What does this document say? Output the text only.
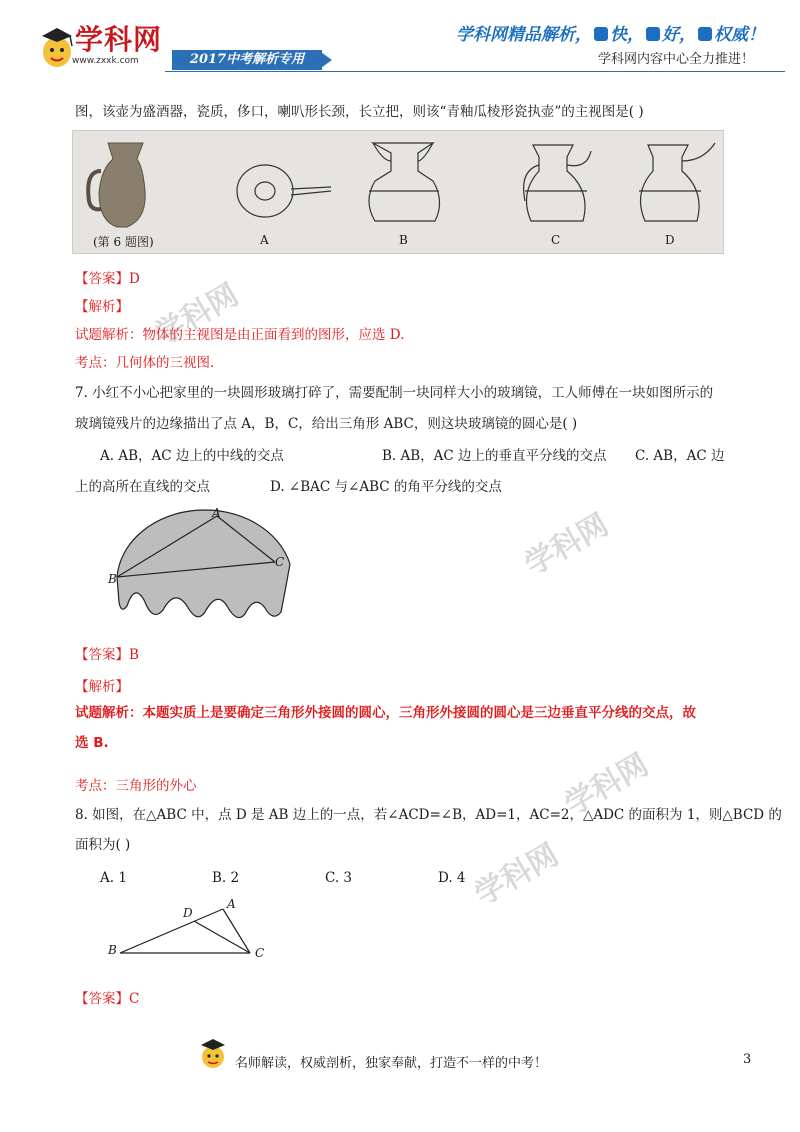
学科网
学科网
学科网
学科网
学科网
www.zxxk.com	2017中考解析专用
学科网精品解析， 快， 好， 权威！
学科网内容中心全力推进！
图，该壶为盛酒器，瓷质，侈口，喇叭形长颈，长立把，则该“青釉瓜棱形瓷执壶”的主视图是( )
(第 6 题图)	A	B	C	D
【答案】D
【解析】
试题解析：物体的主视图是由正面看到的图形，应选 D.
考点：几何体的三视图.
7. 小红不小心把家里的一块圆形玻璃打碎了，需要配制一块同样大小的玻璃镜，工人师傅在一块如图所示的
玻璃镜残片的边缘描出了点 A，B，C，给出三角形 ABC，则这块玻璃镜的圆心是( )
A. AB，AC 边上的中线的交点	B. AB，AC 边上的垂直平分线的交点 C. AB，AC 边
上的高所在直线的交点	D. ∠BAC 与∠ABC 的角平分线的交点
A
B
C
【答案】B
【解析】
试题解析：本题实质上是要确定三角形外接圆的圆心，三角形外接圆的圆心是三边垂直平分线的交点，故
选 B.
考点：三角形的外心
8. 如图，在△ABC 中，点 D 是 AB 边上的一点，若∠ACD=∠B，AD=1，AC=2，△ADC 的面积为 1，则△BCD 的
面积为( )
A. 1	B. 2	C. 3	D. 4
A
B	C
D
【答案】C
名师解读，权威剖析，独家奉献，打造不一样的中考！	3
